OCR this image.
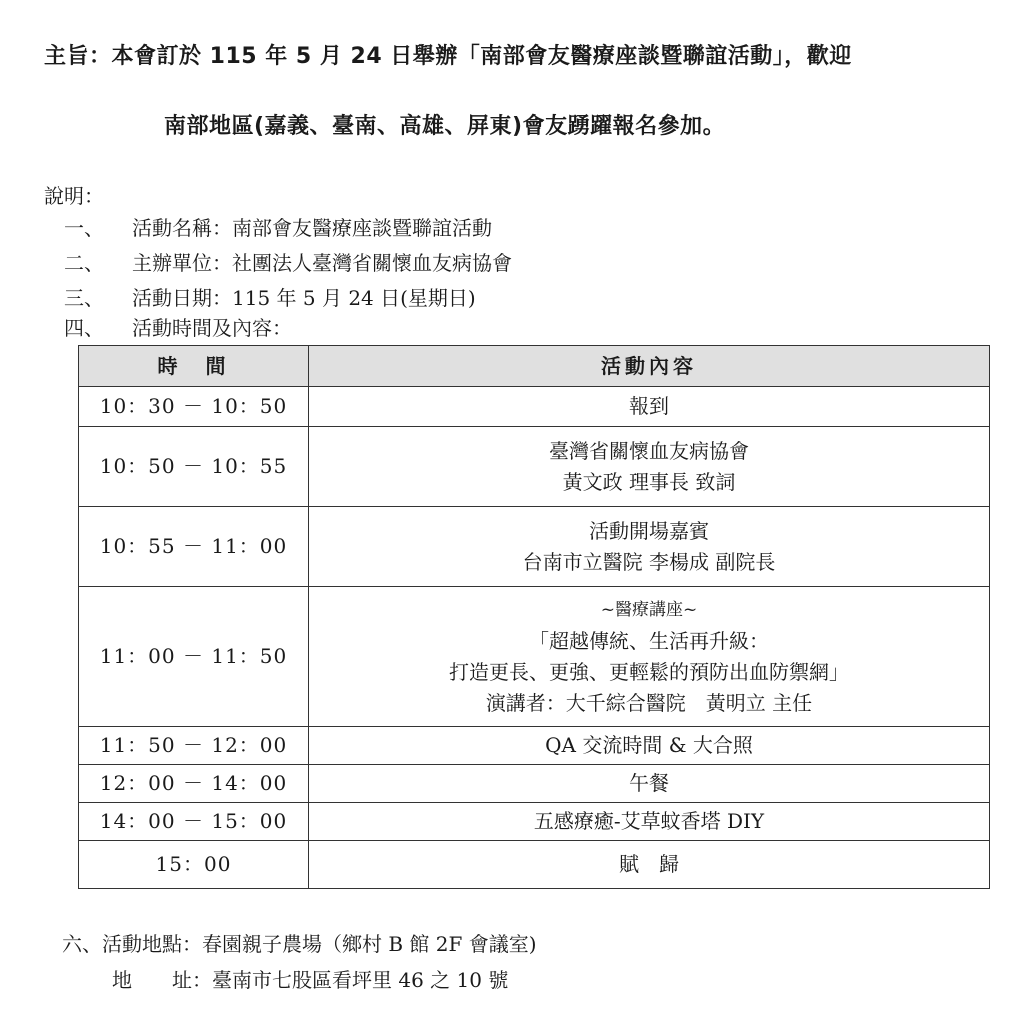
主旨：本會訂於 115 年 5 月 24 日舉辦「南部會友醫療座談暨聯誼活動」，歡迎
南部地區(嘉義、臺南、高雄、屏東)會友踴躍報名參加。
說明：
一、 活動名稱：南部會友醫療座談暨聯誼活動
二、 主辦單位：社團法人臺灣省關懷血友病協會
三、 活動日期：115 年 5 月 24 日(星期日)
四、 活動時間及內容：
時　間	活動內容
10：30 － 10：50	報到

10：50 － 10：55	臺灣省關懷血友病協會
黃文政 理事長 致詞

10：55 － 11：00	活動開場嘉賓
台南市立醫院 李楊成 副院長

11：00 － 11：50	~醫療講座~
「超越傳統、生活再升級：
打造更長、更強、更輕鬆的預防出血防禦網」
演講者：大千綜合醫院　黃明立 主任

11：50 － 12：00	QA 交流時間 & 大合照

12：00 － 14：00	午餐

14：00 － 15：00	五感療癒-艾草蚊香塔 DIY

15：00	賦　歸
六、活動地點：春園親子農場（鄉村 B 館 2F 會議室)
地　　址：臺南市七股區看坪里 46 之 10 號
